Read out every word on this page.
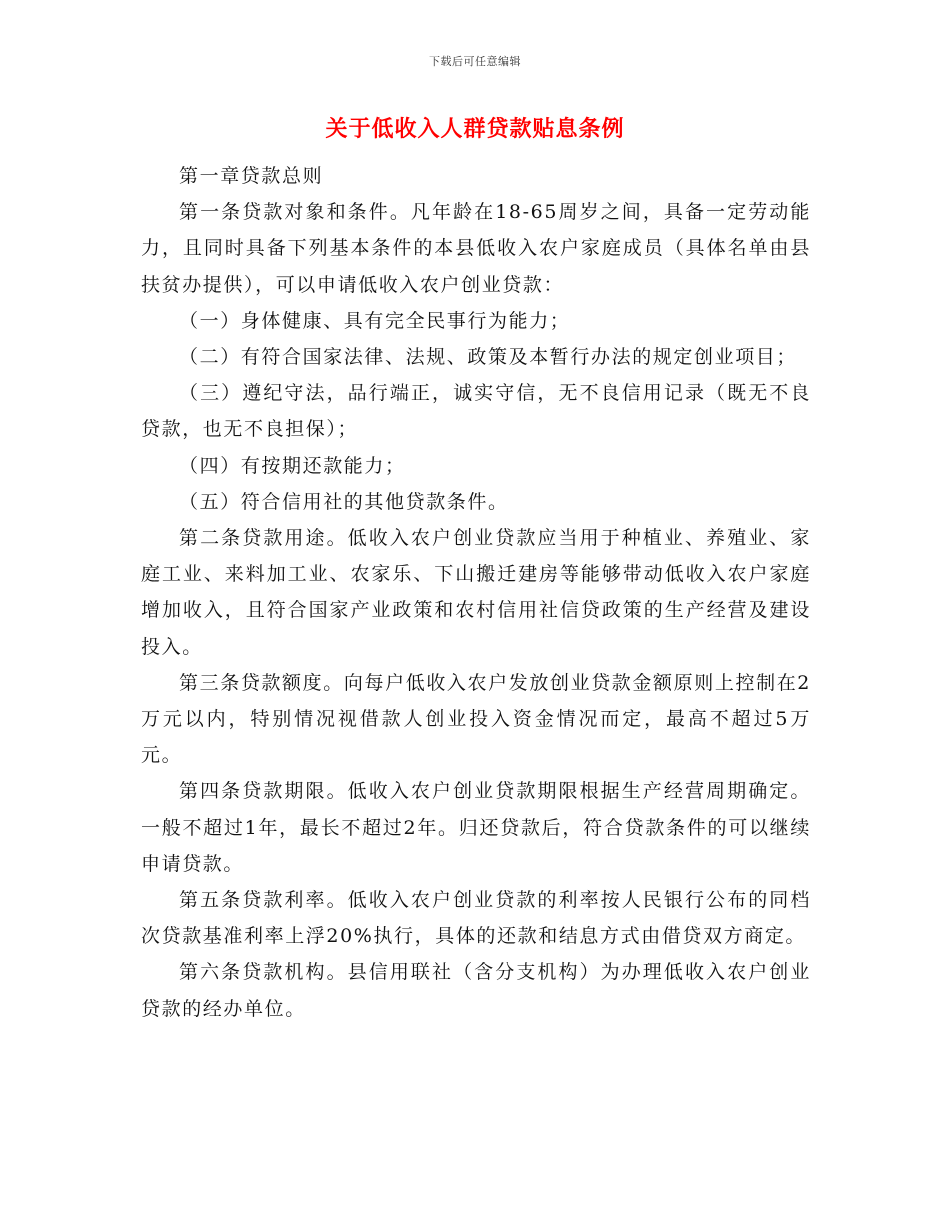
下载后可任意编辑
关于低收入人群贷款贴息条例

第一章贷款总则

第一条贷款对象和条件。凡年龄在18-65周岁之间，具备一定劳动能力，且同时具备下列基本条件的本县低收入农户家庭成员（具体名单由县扶贫办提供），可以申请低收入农户创业贷款：

（一）身体健康、具有完全民事行为能力；

（二）有符合国家法律、法规、政策及本暂行办法的规定创业项目；

（三）遵纪守法，品行端正，诚实守信，无不良信用记录（既无不良贷款，也无不良担保）；

（四）有按期还款能力；

（五）符合信用社的其他贷款条件。

第二条贷款用途。低收入农户创业贷款应当用于种植业、养殖业、家庭工业、来料加工业、农家乐、下山搬迁建房等能够带动低收入农户家庭增加收入，且符合国家产业政策和农村信用社信贷政策的生产经营及建设投入。

第三条贷款额度。向每户低收入农户发放创业贷款金额原则上控制在2万元以内，特别情况视借款人创业投入资金情况而定，最高不超过5万元。

第四条贷款期限。低收入农户创业贷款期限根据生产经营周期确定。一般不超过1年，最长不超过2年。归还贷款后，符合贷款条件的可以继续申请贷款。

第五条贷款利率。低收入农户创业贷款的利率按人民银行公布的同档次贷款基准利率上浮20%执行，具体的还款和结息方式由借贷双方商定。

第六条贷款机构。县信用联社（含分支机构）为办理低收入农户创业贷款的经办单位。
